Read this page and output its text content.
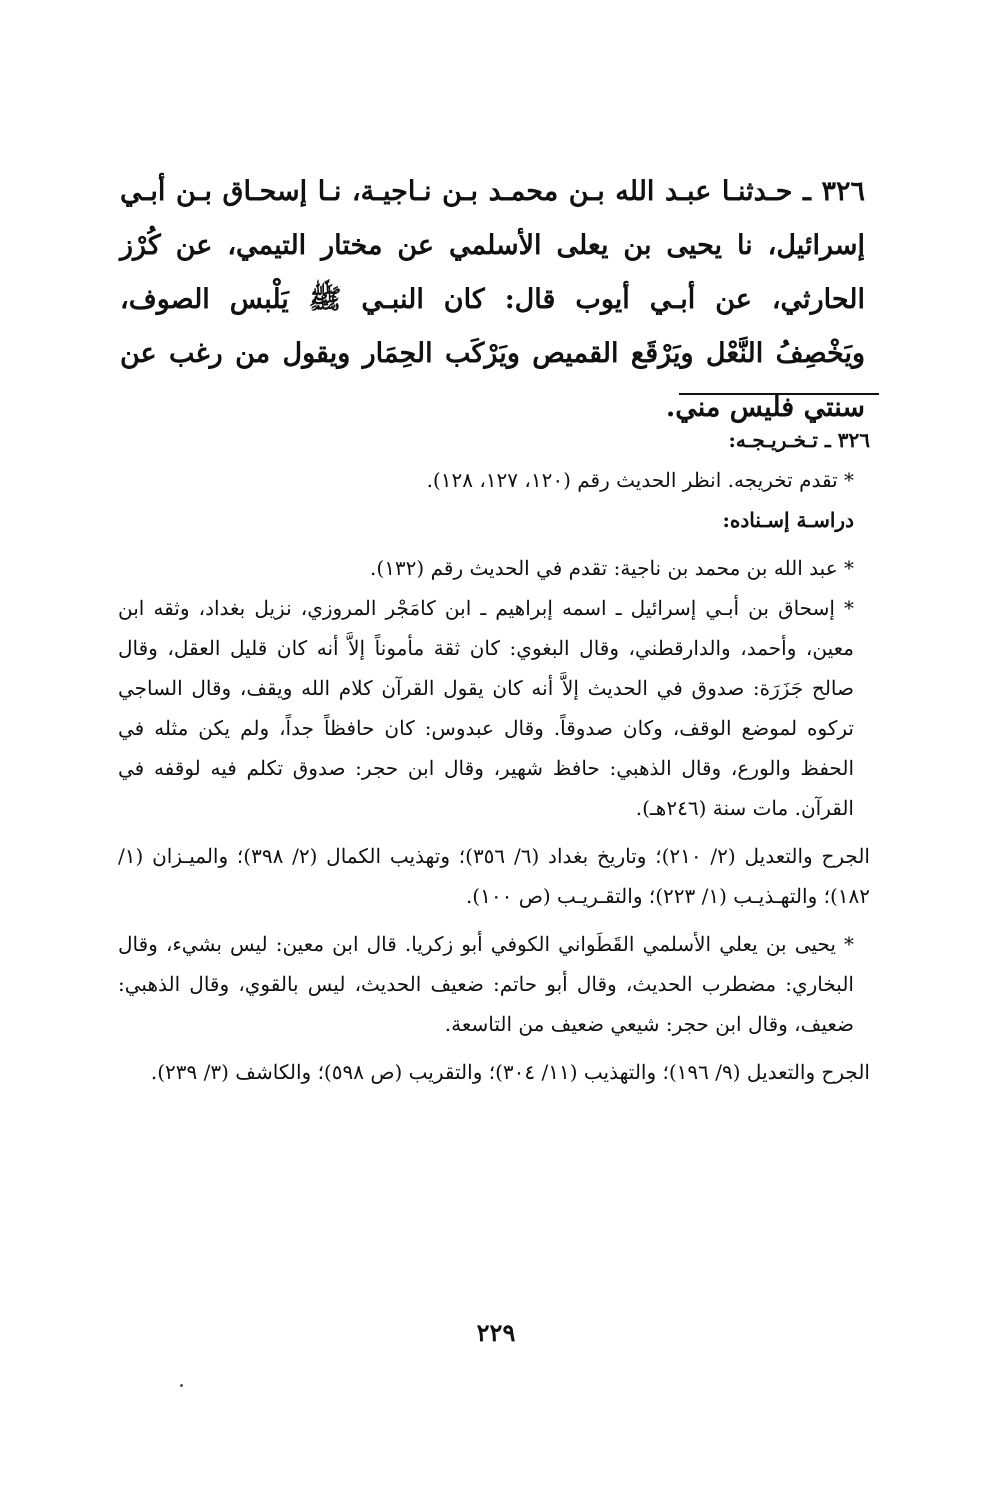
٣٢٦ ـ حـدثنـا عبـد الله بـن محمـد بـن نـاجيـة، نـا إسحـاق بـن أبـي إسرائيل، نا يحيى بن يعلى الأسلمي عن مختار التيمي، عن كُرْز الحارثي، عن أبـي أيوب قال: كان النبـي ﷺ يَلْبس الصوف، ويَخْصِفُ النَّعْل ويَرْقَع القميص ويَرْكَب الحِمَار ويقول من رغب عن سنتي فليس مني.

٣٢٦ ـ تـخـريـجـه:

* تقدم تخريجه. انظر الحديث رقم (١٢٠، ١٢٧، ١٢٨).

دراسـة إسـناده:

* عبد الله بن محمد بن ناجية: تقدم في الحديث رقم (١٣٢).

* إسحاق بن أبـي إسرائيل ـ اسمه إبراهيم ـ ابن كامَجْر المروزي، نزيل بغداد، وثقه ابن معين، وأحمد، والدارقطني، وقال البغوي: كان ثقة مأموناً إلاَّ أنه كان قليل العقل، وقال صالح جَزَرَة: صدوق في الحديث إلاَّ أنه كان يقول القرآن كلام الله ويقف، وقال الساجي تركوه لموضع الوقف، وكان صدوقاً. وقال عبدوس: كان حافظاً جداً، ولم يكن مثله في الحفظ والورع، وقال الذهبي: حافظ شهير، وقال ابن حجر: صدوق تكلم فيه لوقفه في القرآن. مات سنة (٢٤٦هـ).

الجرح والتعديل (٢/ ٢١٠)؛ وتاريخ بغداد (٦/ ٣٥٦)؛ وتهذيب الكمال (٢/ ٣٩٨)؛ والميـزان (١/ ١٨٢)؛ والتهـذيـب (١/ ٢٢٣)؛ والتقـريـب (ص ١٠٠).

* يحيى بن يعلي الأسلمي القَطَواني الكوفي أبو زكريا. قال ابن معين: ليس بشيء، وقال البخاري: مضطرب الحديث، وقال أبو حاتم: ضعيف الحديث، ليس بالقوي، وقال الذهبي: ضعيف، وقال ابن حجر: شيعي ضعيف من التاسعة.

الجرح والتعديل (٩/ ١٩٦)؛ والتهذيب (١١/ ٣٠٤)؛ والتقريب (ص ٥٩٨)؛ والكاشف (٣/ ٢٣٩).

٢٢٩
